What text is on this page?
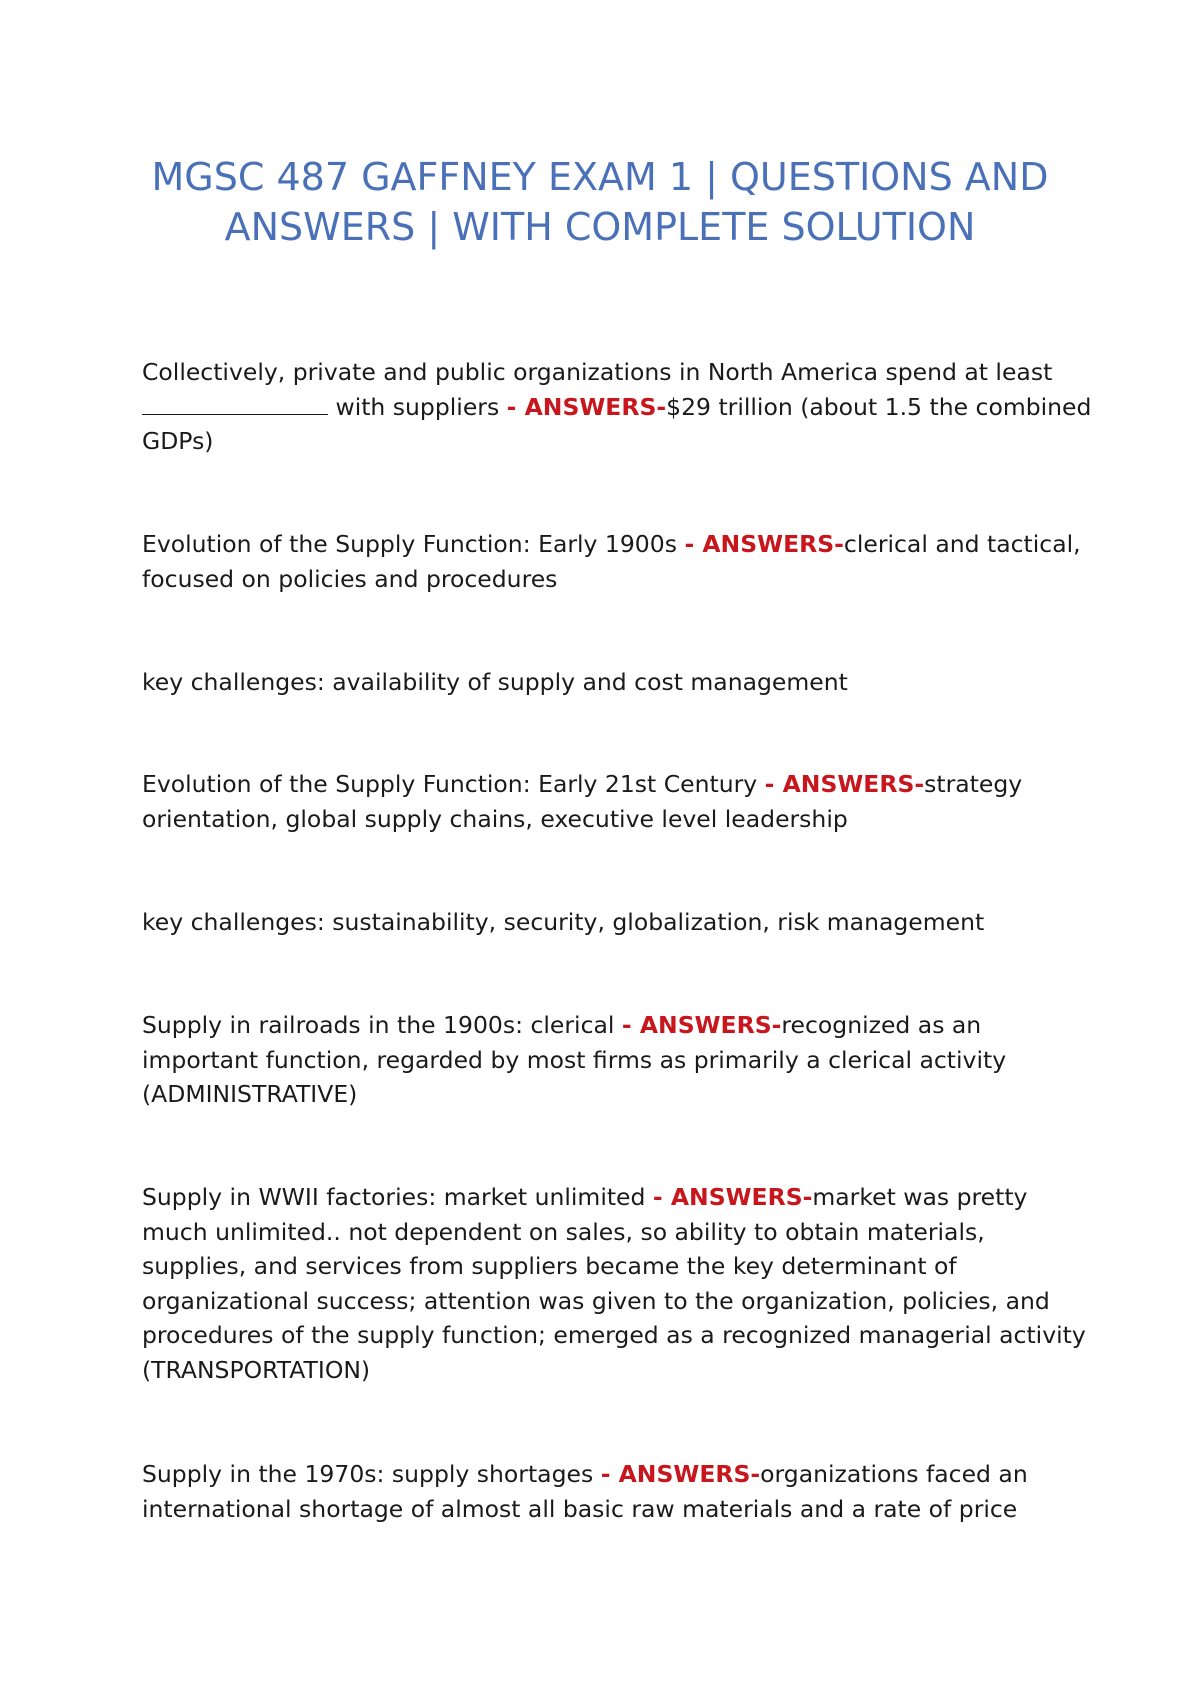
MGSC 487 GAFFNEY EXAM 1 | QUESTIONS AND ANSWERS | WITH COMPLETE SOLUTION

Collectively, private and public organizations in North America spend at least  with suppliers - ANSWERS-$29 trillion (about 1.5 the combined GDPs)

Evolution of the Supply Function: Early 1900s - ANSWERS-clerical and tactical, focused on policies and procedures

key challenges: availability of supply and cost management

Evolution of the Supply Function: Early 21st Century - ANSWERS-strategy orientation, global supply chains, executive level leadership

key challenges: sustainability, security, globalization, risk management

Supply in railroads in the 1900s: clerical - ANSWERS-recognized as an important function, regarded by most firms as primarily a clerical activity (ADMINISTRATIVE)

Supply in WWII factories: market unlimited - ANSWERS-market was pretty much unlimited.. not dependent on sales, so ability to obtain materials, supplies, and services from suppliers became the key determinant of organizational success; attention was given to the organization, policies, and procedures of the supply function; emerged as a recognized managerial activity (TRANSPORTATION)

Supply in the 1970s: supply shortages - ANSWERS-organizations faced an international shortage of almost all basic raw materials and a rate of price
